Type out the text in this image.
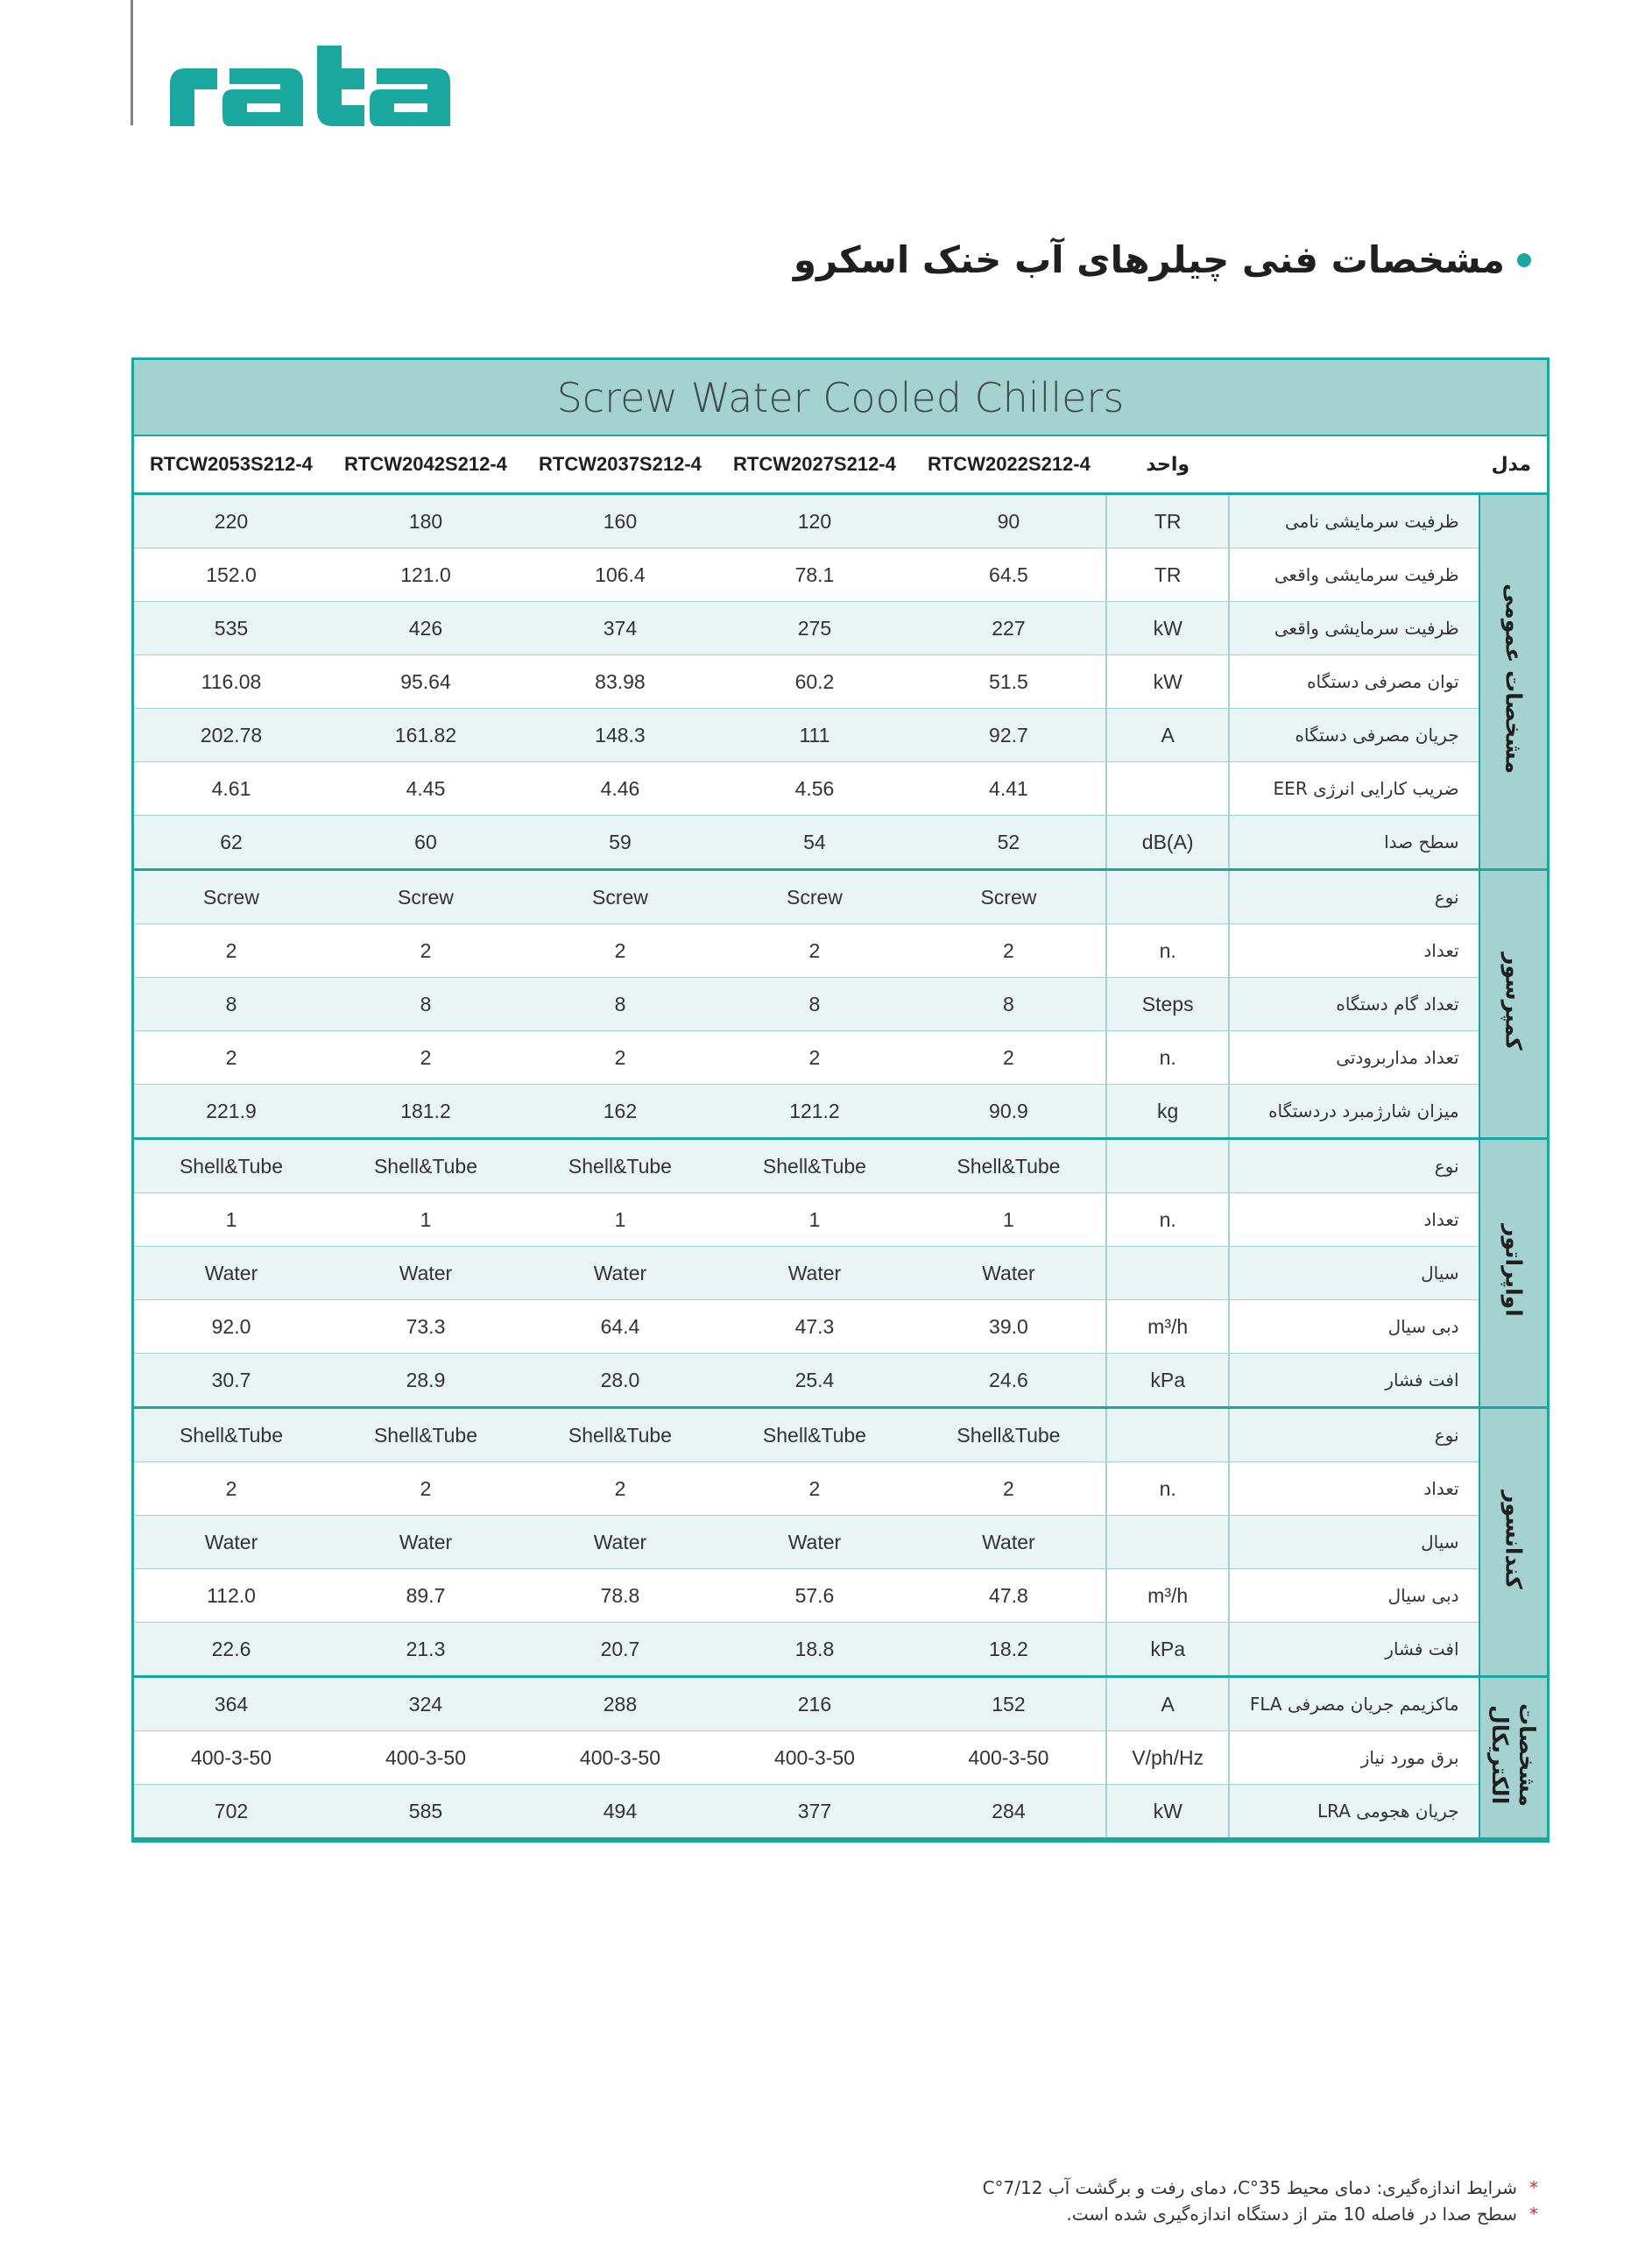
مشخصات فنی چیلرهای آب خنک اسکرو
Screw Water Cooled Chillers
RTCW2053S212-4	RTCW2042S212-4	RTCW2037S212-4	RTCW2027S212-4	RTCW2022S212-4	واحد		مدل
220	180	160	120	90	TR	ظرفیت سرمایشی نامی	مشخصات عمومی
152.0	121.0	106.4	78.1	64.5	TR	ظرفیت سرمایشی واقعی	
535	426	374	275	227	kW	ظرفیت سرمایشی واقعی	
116.08	95.64	83.98	60.2	51.5	kW	توان مصرفی دستگاه	
202.78	161.82	148.3	111	92.7	A	جریان مصرفی دستگاه	
4.61	4.45	4.46	4.56	4.41		ضریب کارایی انرژی EER	
62	60	59	54	52	dB(A)	سطح صدا	
Screw	Screw	Screw	Screw	Screw		نوع	کمپرسور
2	2	2	2	2	n.	تعداد	
8	8	8	8	8	Steps	تعداد گام دستگاه	
2	2	2	2	2	n.	تعداد مداربرودتی	
221.9	181.2	162	121.2	90.9	kg	میزان شارژمبرد دردستگاه	
Shell&Tube	Shell&Tube	Shell&Tube	Shell&Tube	Shell&Tube		نوع	اواپراتور
1	1	1	1	1	n.	تعداد	
Water	Water	Water	Water	Water		سیال	
92.0	73.3	64.4	47.3	39.0	m³/h	دبی سیال	
30.7	28.9	28.0	25.4	24.6	kPa	افت فشار	
Shell&Tube	Shell&Tube	Shell&Tube	Shell&Tube	Shell&Tube		نوع	کندانسور
2	2	2	2	2	n.	تعداد	
Water	Water	Water	Water	Water		سیال	
112.0	89.7	78.8	57.6	47.8	m³/h	دبی سیال	
22.6	21.3	20.7	18.8	18.2	kPa	افت فشار	
364	324	288	216	152	A	ماکزیمم جریان مصرفی FLA	مشخصات الکتریکال
400-3-50	400-3-50	400-3-50	400-3-50	400-3-50	V/ph/Hz	برق مورد نیاز	
702	585	494	377	284	kW	جریان هجومی LRA	
*شرایط اندازه‌گیری: دمای محیط 35°C، دمای رفت و برگشت آب 7/12°C
*سطح صدا در فاصله 10 متر از دستگاه اندازه‌گیری شده است.
